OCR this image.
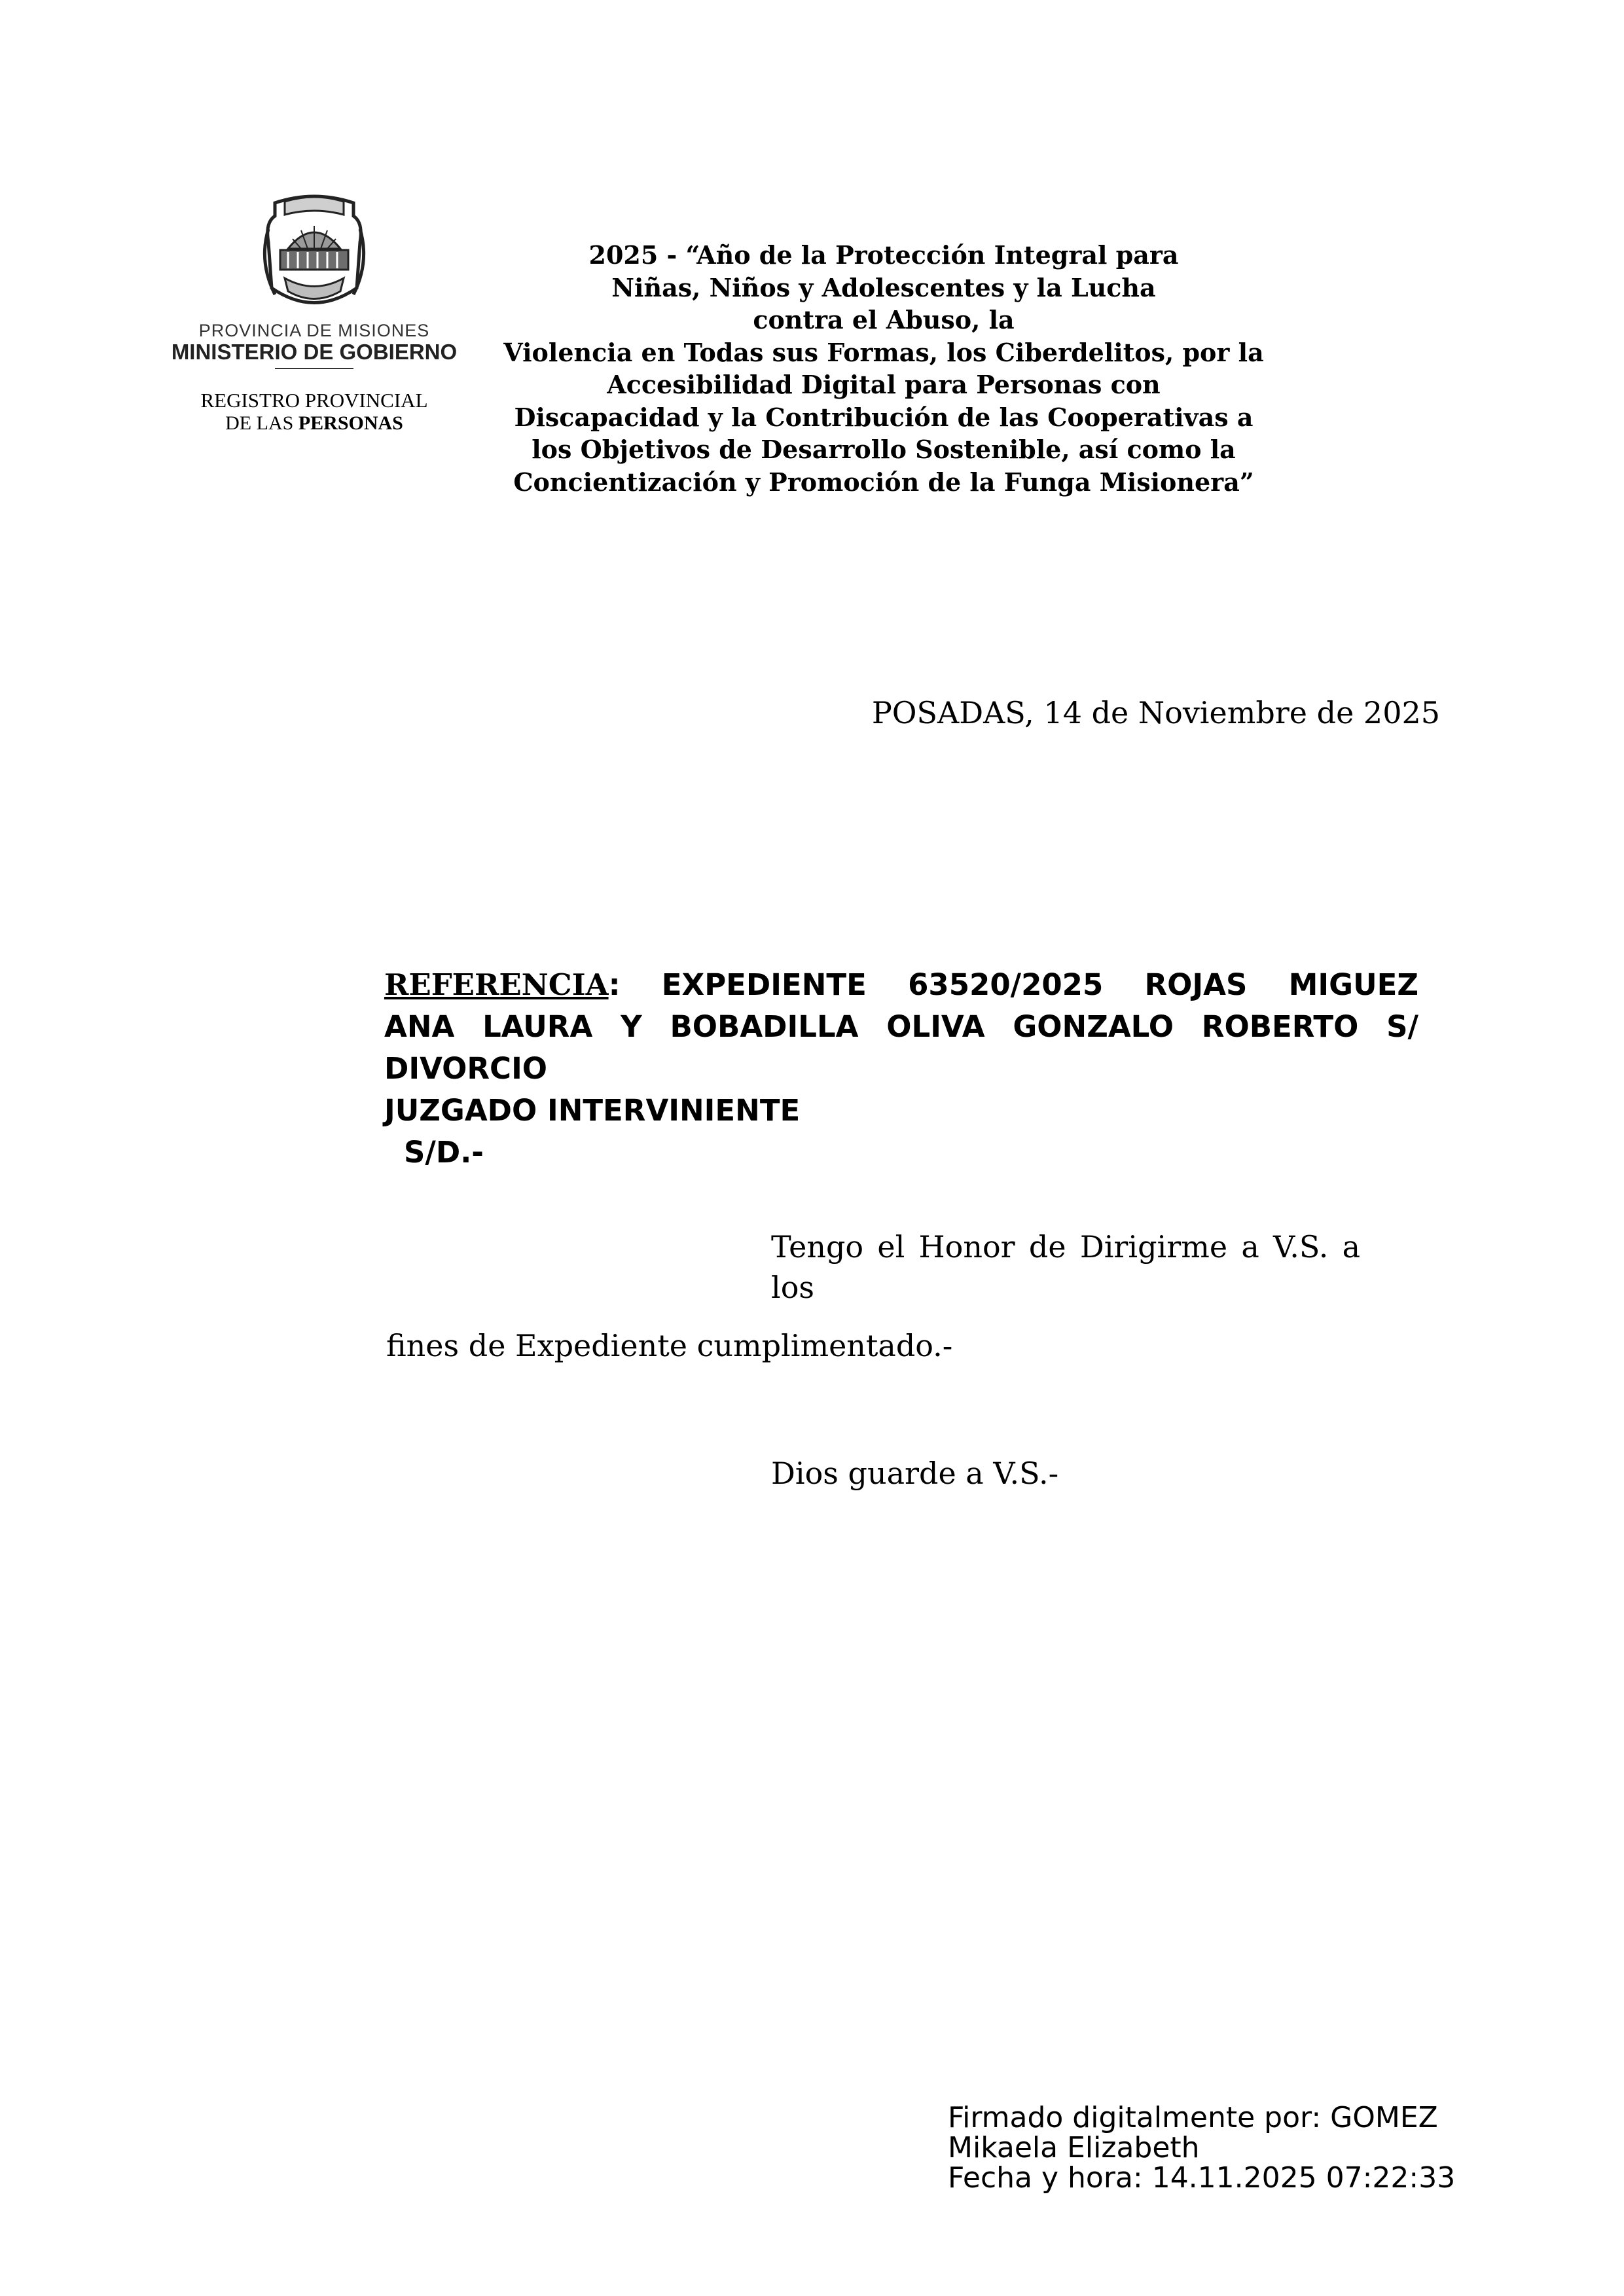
PROVINCIA DE MISIONES
MINISTERIO DE GOBIERNO
REGISTRO PROVINCIAL
DE LAS PERSONAS
2025 - “Año de la Protección Integral para
Niñas, Niños y Adolescentes y la Lucha
contra el Abuso, la
Violencia en Todas sus Formas, los Ciberdelitos, por la
Accesibilidad Digital para Personas con
Discapacidad y la Contribución de las Cooperativas a
los Objetivos de Desarrollo Sostenible, así como la
Concientización y Promoción de la Funga Misionera”
POSADAS, 14 de Noviembre de 2025
REFERENCIA: EXPEDIENTE 63520/2025 ROJAS MIGUEZ
ANA LAURA Y BOBADILLA OLIVA GONZALO ROBERTO S/
DIVORCIO
JUZGADO INTERVINIENTE
S/D.-
Tengo el Honor de Dirigirme a V.S. a
los
fines de Expediente cumplimentado.-
Dios guarde a V.S.-
Firmado digitalmente por: GOMEZ
Mikaela Elizabeth
Fecha y hora: 14.11.2025 07:22:33
